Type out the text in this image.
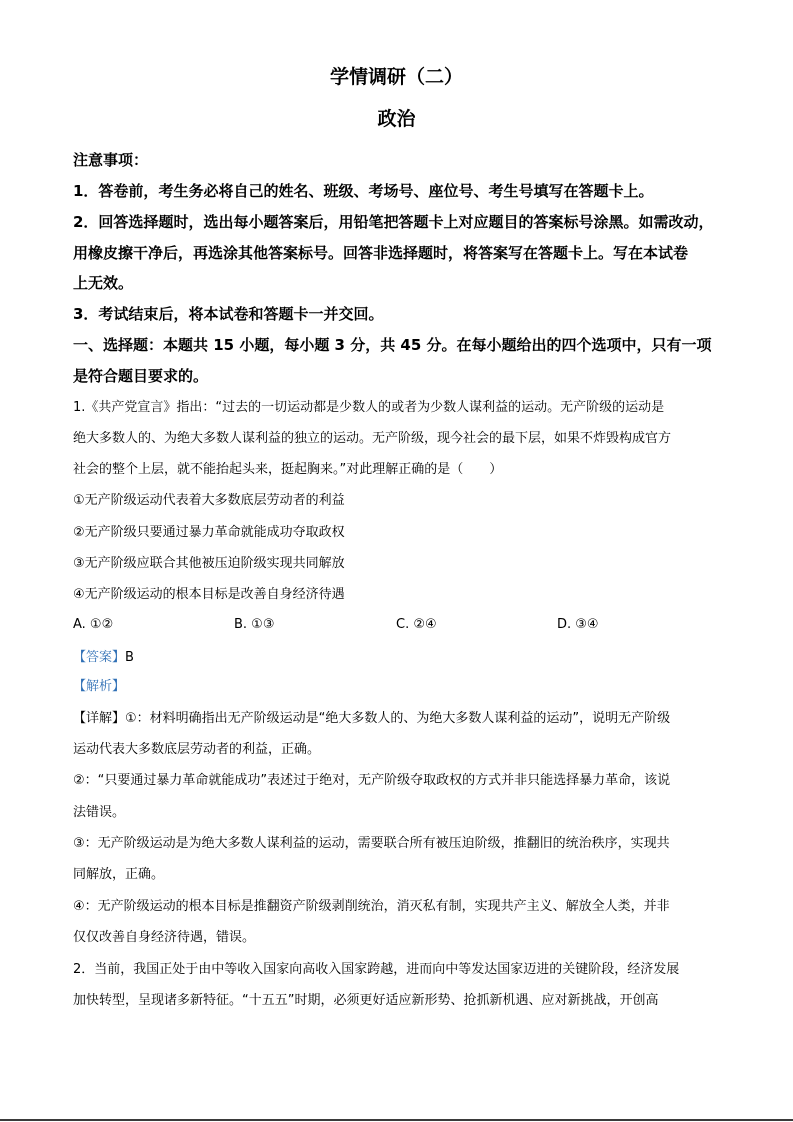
学情调研（二）
政治
注意事项：
1．答卷前，考生务必将自己的姓名、班级、考场号、座位号、考生号填写在答题卡上。
2．回答选择题时，选出每小题答案后，用铅笔把答题卡上对应题目的答案标号涂黑。如需改动，
用橡皮擦干净后，再选涂其他答案标号。回答非选择题时，将答案写在答题卡上。写在本试卷
上无效。
3．考试结束后，将本试卷和答题卡一并交回。
一、选择题：本题共 15 小题，每小题 3 分，共 45 分。在每小题给出的四个选项中，只有一项
是符合题目要求的。
1.《共产党宣言》指出：“过去的一切运动都是少数人的或者为少数人谋利益的运动。无产阶级的运动是
绝大多数人的、为绝大多数人谋利益的独立的运动。无产阶级，现今社会的最下层，如果不炸毁构成官方
社会的整个上层，就不能抬起头来，挺起胸来。”对此理解正确的是（　　）
①无产阶级运动代表着大多数底层劳动者的利益
②无产阶级只要通过暴力革命就能成功夺取政权
③无产阶级应联合其他被压迫阶级实现共同解放
④无产阶级运动的根本目标是改善自身经济待遇
A. ①②	B. ①③	C. ②④	D. ③④
【答案】B
【解析】
【详解】①：材料明确指出无产阶级运动是“绝大多数人的、为绝大多数人谋利益的运动”，说明无产阶级
运动代表大多数底层劳动者的利益，正确。
②：“只要通过暴力革命就能成功”表述过于绝对，无产阶级夺取政权的方式并非只能选择暴力革命，该说
法错误。
③：无产阶级运动是为绝大多数人谋利益的运动，需要联合所有被压迫阶级，推翻旧的统治秩序，实现共
同解放，正确。
④：无产阶级运动的根本目标是推翻资产阶级剥削统治，消灭私有制，实现共产主义、解放全人类，并非
仅仅改善自身经济待遇，错误。
2．当前，我国正处于由中等收入国家向高收入国家跨越，进而向中等发达国家迈进的关键阶段，经济发展
加快转型，呈现诸多新特征。“十五五”时期，必须更好适应新形势、抢抓新机遇、应对新挑战，开创高
